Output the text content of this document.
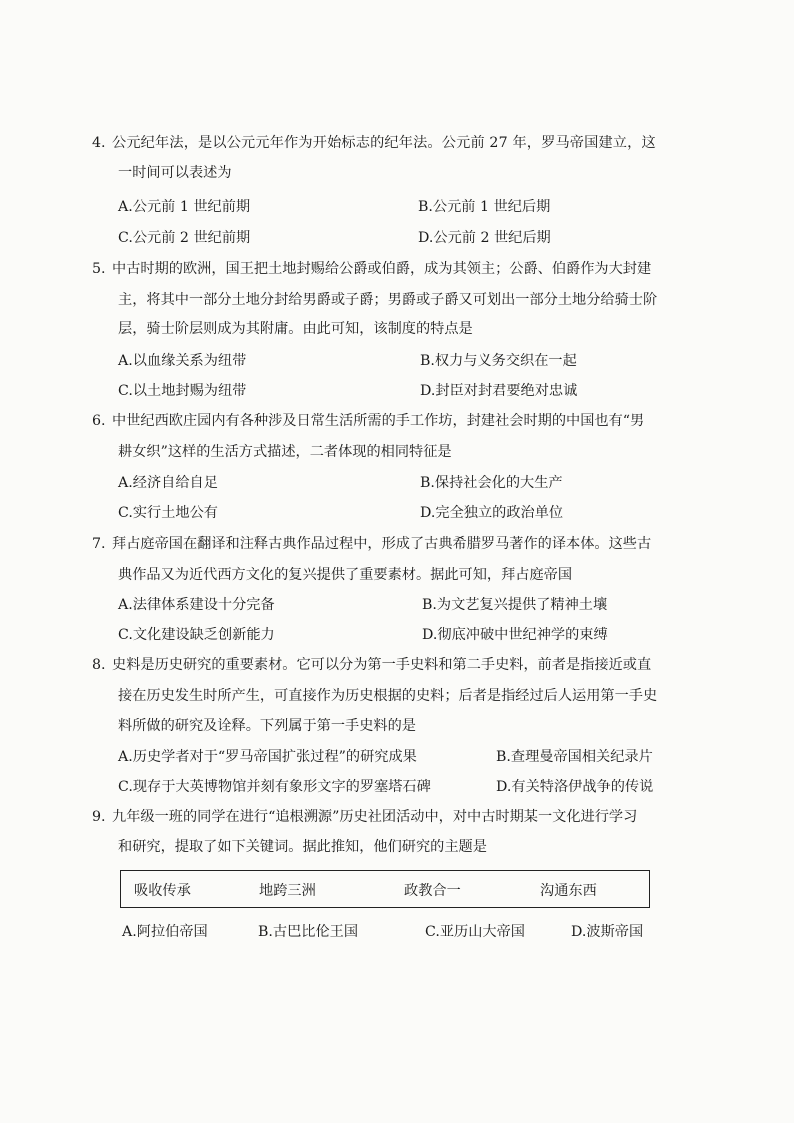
4. 公元纪年法，是以公元元年作为开始标志的纪年法。公元前 27 年，罗马帝国建立，这
一时间可以表述为
A.公元前 1 世纪前期	B.公元前 1 世纪后期
C.公元前 2 世纪前期	D.公元前 2 世纪后期
5. 中古时期的欧洲，国王把土地封赐给公爵或伯爵，成为其领主；公爵、伯爵作为大封建
主，将其中一部分土地分封给男爵或子爵；男爵或子爵又可划出一部分土地分给骑士阶
层，骑士阶层则成为其附庸。由此可知，该制度的特点是
A.以血缘关系为纽带	B.权力与义务交织在一起
C.以土地封赐为纽带	D.封臣对封君要绝对忠诚
6. 中世纪西欧庄园内有各种涉及日常生活所需的手工作坊，封建社会时期的中国也有“男
耕女织”这样的生活方式描述，二者体现的相同特征是
A.经济自给自足	B.保持社会化的大生产
C.实行土地公有	D.完全独立的政治单位
7. 拜占庭帝国在翻译和注释古典作品过程中，形成了古典希腊罗马著作的译本体。这些古
典作品又为近代西方文化的复兴提供了重要素材。据此可知，拜占庭帝国
A.法律体系建设十分完备	B.为文艺复兴提供了精神土壤
C.文化建设缺乏创新能力	D.彻底冲破中世纪神学的束缚
8. 史料是历史研究的重要素材。它可以分为第一手史料和第二手史料，前者是指接近或直
接在历史发生时所产生，可直接作为历史根据的史料；后者是指经过后人运用第一手史
料所做的研究及诠释。下列属于第一手史料的是
A.历史学者对于“罗马帝国扩张过程”的研究成果	B.查理曼帝国相关纪录片
C.现存于大英博物馆并刻有象形文字的罗塞塔石碑	D.有关特洛伊战争的传说
9. 九年级一班的同学在进行“追根溯源”历史社团活动中，对中古时期某一文化进行学习
和研究，提取了如下关键词。据此推知，他们研究的主题是
吸收传承	地跨三洲	政教合一	沟通东西
A.阿拉伯帝国	B.古巴比伦王国	C.亚历山大帝国	D.波斯帝国
